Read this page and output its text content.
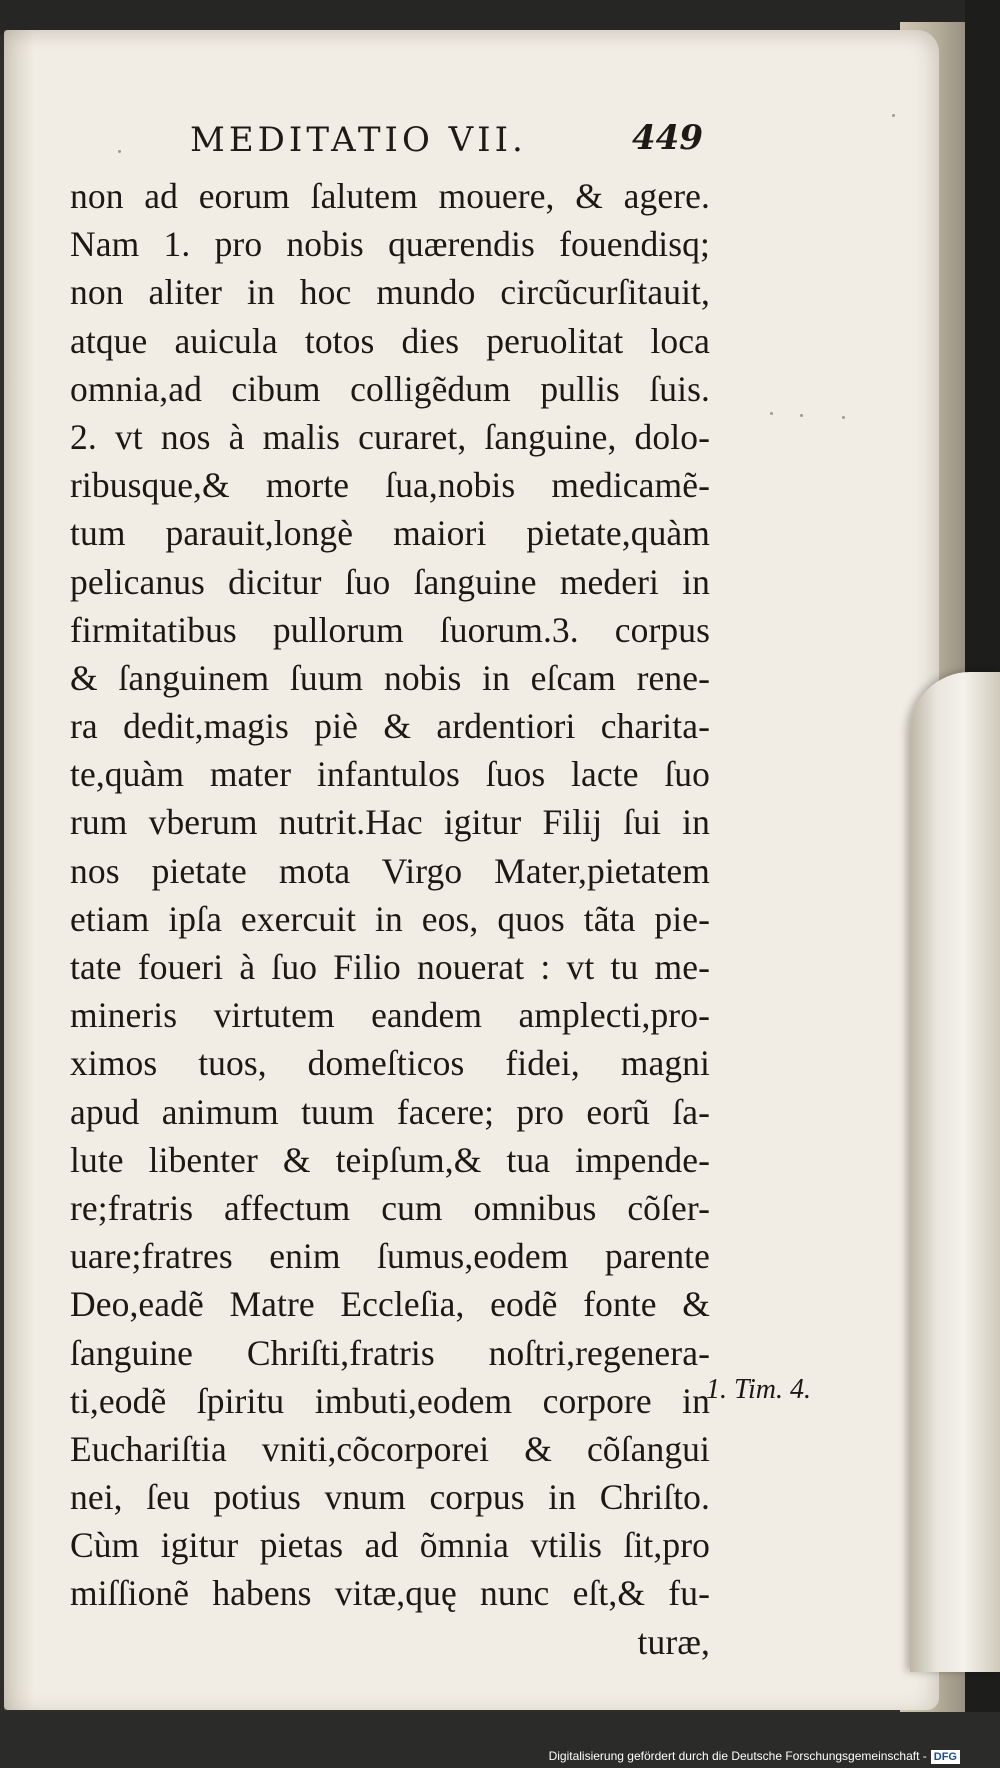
MEDITATIO VII.	449
non ad eorum ſalutem mouere, & agere.
Nam 1. pro nobis quærendis fouendisq;
non aliter in hoc mundo circũcurſitauit,
atque auicula totos dies peruolitat loca
omnia,ad cibum colligẽdum pullis ſuis.
2. vt nos à malis curaret, ſanguine, dolo-
ribusque,& morte ſua,nobis medicamẽ-
tum parauit,longè maiori pietate,quàm
pelicanus dicitur ſuo ſanguine mederi in
firmitatibus pullorum ſuorum.3. corpus
& ſanguinem ſuum nobis in eſcam rene-
ra dedit,magis piè & ardentiori charita-
te,quàm mater infantulos ſuos lacte ſuo
rum vberum nutrit.Hac igitur Filij ſui in
nos pietate mota Virgo Mater,pietatem
etiam ipſa exercuit in eos, quos tãta pie-
tate foueri à ſuo Filio nouerat : vt tu me-
mineris virtutem eandem amplecti,pro-
ximos tuos, domeſticos fidei, magni
apud animum tuum facere; pro eorũ ſa-
lute libenter & teipſum,& tua impende-
re;fratris affectum cum omnibus cõſer-
uare;fratres enim ſumus,eodem parente
Deo,eadẽ Matre Eccleſia, eodẽ fonte &
ſanguine Chriſti,fratris noſtri,regenera-
ti,eodẽ ſpiritu imbuti,eodem corpore in
Euchariſtia vniti,cõcorporei & cõſangui
nei, ſeu potius vnum corpus in Chriſto.
Cùm igitur pietas ad õmnia vtilis ſit,pro
miſſionẽ habens vitæ,quę nunc eſt,& fu-
turæ,
1. Tim. 4.
Digitalisierung gefördert durch die Deutsche Forschungsgemeinschaft - DFG
